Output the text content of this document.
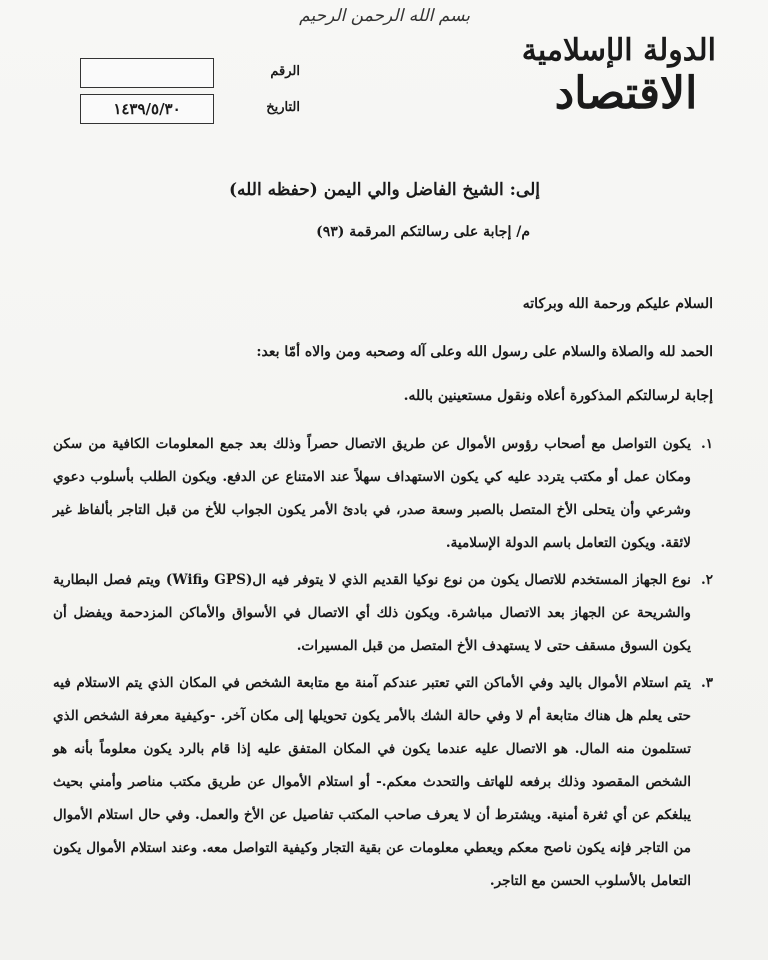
بسم الله الرحمن الرحيم
الدولة الإسلامية
الاقتصاد
الرقم
التاريخ
١٤٣٩/٥/٣٠
إلى: الشيخ الفاضل والي اليمن (حفظه الله)
م/ إجابة على رسالتكم المرقمة (٩٣)
السلام عليكم ورحمة الله وبركاته
الحمد لله والصلاة والسلام على رسول الله وعلى آله وصحبه ومن والاه أمّا بعد:
إجابة لرسالتكم المذكورة أعلاه ونقول مستعينين بالله.
١.
يكون التواصل مع أصحاب رؤوس الأموال عن طريق الاتصال حصراً وذلك بعد جمع المعلومات الكافية من سكن ومكان عمل أو مكتب يتردد عليه كي يكون الاستهداف سهلاً عند الامتناع عن الدفع. ويكون الطلب بأسلوب دعوي وشرعي وأن يتحلى الأخ المتصل بالصبر وسعة صدر، في بادئ الأمر يكون الجواب للأخ من قبل التاجر بألفاظ غير لائقة. ويكون التعامل باسم الدولة الإسلامية.
٢.
نوع الجهاز المستخدم للاتصال يكون من نوع نوكيا القديم الذي لا يتوفر فيه ال(GPS وWifi) ويتم فصل البطارية والشريحة عن الجهاز بعد الاتصال مباشرة. ويكون ذلك أي الاتصال في الأسواق والأماكن المزدحمة ويفضل أن يكون السوق مسقف حتى لا يستهدف الأخ المتصل من قبل المسيرات.
٣.
يتم استلام الأموال باليد وفي الأماكن التي تعتبر عندكم آمنة مع متابعة الشخص في المكان الذي يتم الاستلام فيه حتى يعلم هل هناك متابعة أم لا وفي حالة الشك بالأمر يكون تحويلها إلى مكان آخر. -وكيفية معرفة الشخص الذي تستلمون منه المال. هو الاتصال عليه عندما يكون في المكان المتفق عليه إذا قام بالرد يكون معلوماً بأنه هو الشخص المقصود وذلك برفعه للهاتف والتحدث معكم.- أو استلام الأموال عن طريق مكتب مناصر وأمني بحيث يبلغكم عن أي ثغرة أمنية. ويشترط أن لا يعرف صاحب المكتب تفاصيل عن الأخ والعمل. وفي حال استلام الأموال من التاجر فإنه يكون ناصح معكم ويعطي معلومات عن بقية التجار وكيفية التواصل معه. وعند استلام الأموال يكون التعامل بالأسلوب الحسن مع التاجر.
